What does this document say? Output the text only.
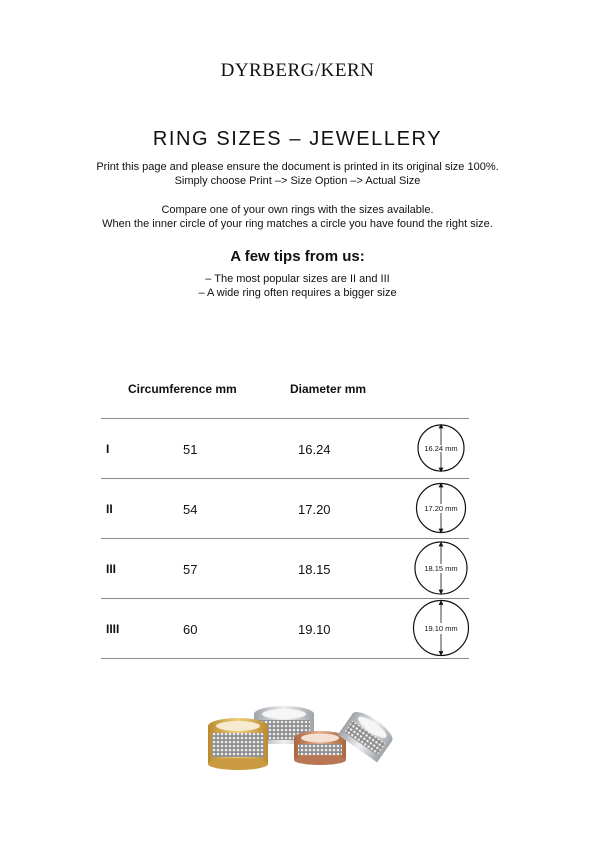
DYRBERG/KERN
RING SIZES – JEWELLERY
Print this page and please ensure the document is printed in its original size 100%.
Simply choose Print –> Size Option –> Actual Size
Compare one of your own rings with the sizes available.
When the inner circle of your ring matches a circle you have found the right size.
A few tips from us:
– The most popular sizes are II and III
– A wide ring often requires a bigger size
Circumference mm	Diameter mm
I	51	16.24	16.24 mm
II	54	17.20	17.20 mm
III	57	18.15	18.15 mm
IIII	60	19.10	19.10 mm
